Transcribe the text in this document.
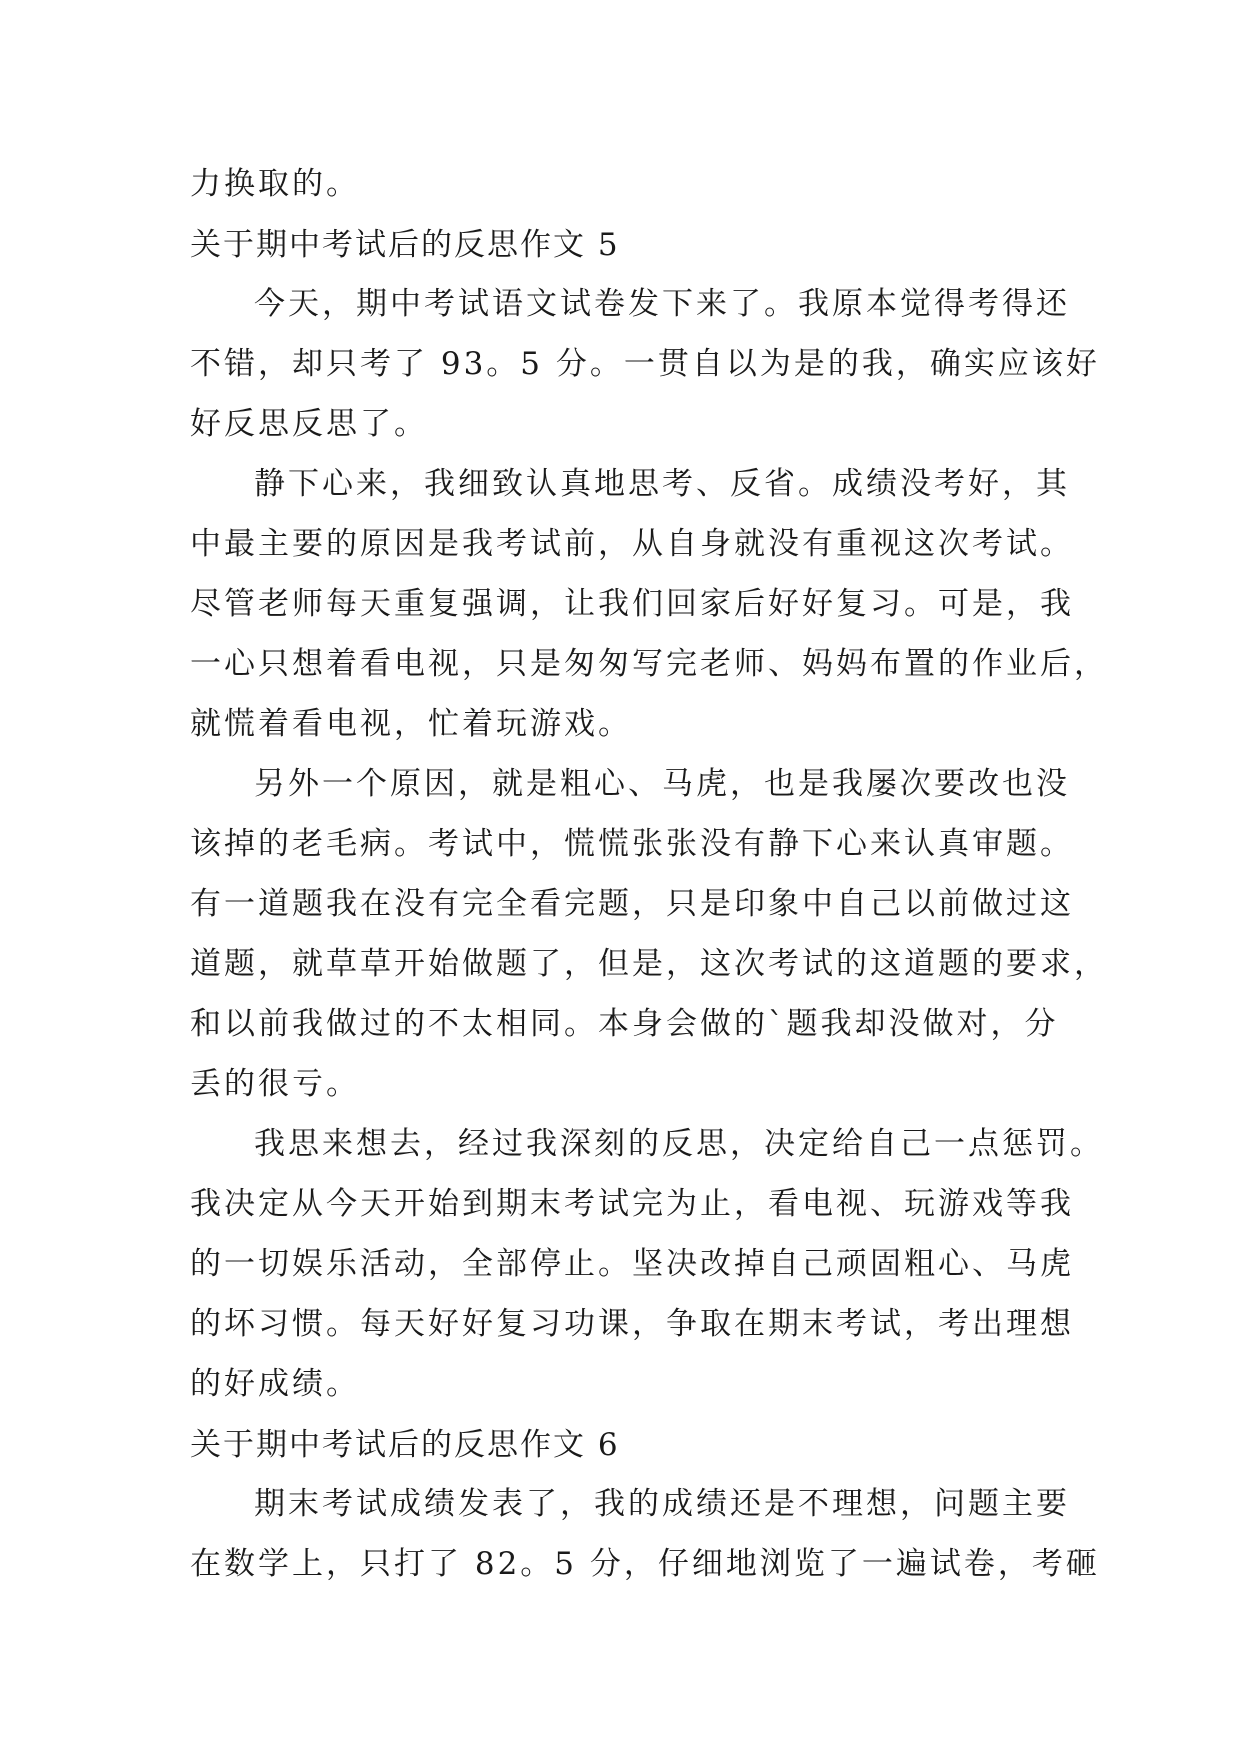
力换取的。
关于期中考试后的反思作文 5
今天，期中考试语文试卷发下来了。我原本觉得考得还
不错，却只考了 93。5 分。一贯自以为是的我，确实应该好
好反思反思了。
静下心来，我细致认真地思考、反省。成绩没考好，其
中最主要的原因是我考试前，从自身就没有重视这次考试。
尽管老师每天重复强调，让我们回家后好好复习。可是，我
一心只想着看电视，只是匆匆写完老师、妈妈布置的作业后，
就慌着看电视，忙着玩游戏。
另外一个原因，就是粗心、马虎，也是我屡次要改也没
该掉的老毛病。考试中，慌慌张张没有静下心来认真审题。
有一道题我在没有完全看完题，只是印象中自己以前做过这
道题，就草草开始做题了，但是，这次考试的这道题的要求，
和以前我做过的不太相同。本身会做的`题我却没做对，分
丢的很亏。
我思来想去，经过我深刻的反思，决定给自己一点惩罚。
我决定从今天开始到期末考试完为止，看电视、玩游戏等我
的一切娱乐活动，全部停止。坚决改掉自己顽固粗心、马虎
的坏习惯。每天好好复习功课，争取在期末考试，考出理想
的好成绩。
关于期中考试后的反思作文 6
期末考试成绩发表了，我的成绩还是不理想，问题主要
在数学上，只打了 82。5 分，仔细地浏览了一遍试卷，考砸
